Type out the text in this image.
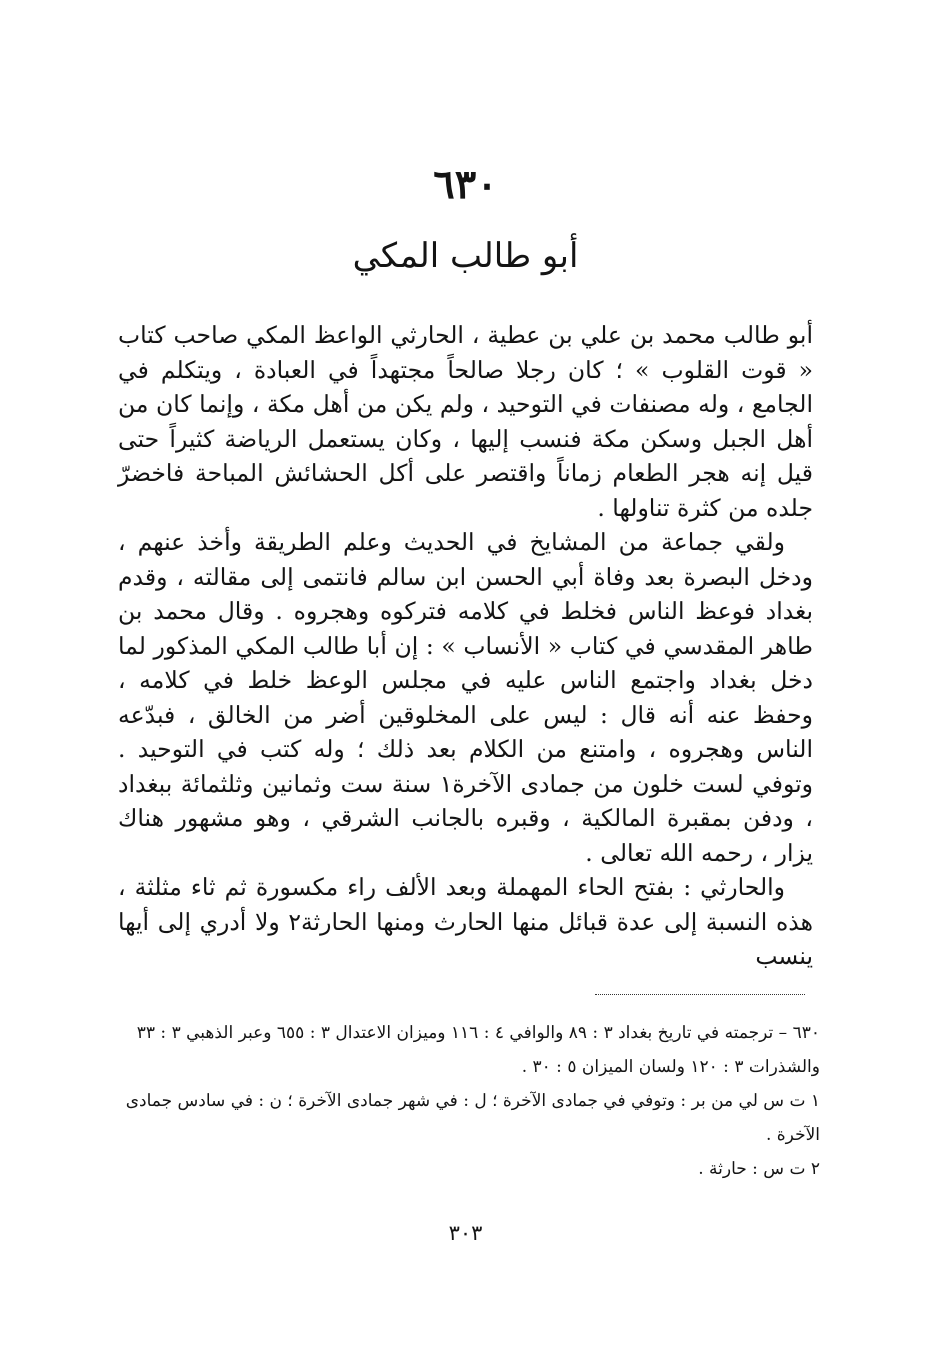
٦٣٠
أبو طالب المكي

أبو طالب محمد بن علي بن عطية ، الحارثي الواعظ المكي صاحب كتاب « قوت القلوب » ؛ كان رجلا صالحاً مجتهداً في العبادة ، ويتكلم في الجامع ، وله مصنفات في التوحيد ، ولم يكن من أهل مكة ، وإنما كان من أهل الجبل وسكن مكة فنسب إليها ، وكان يستعمل الرياضة كثيراً حتى قيل إنه هجر الطعام زماناً واقتصر على أكل الحشائش المباحة فاخضرّ جلده من كثرة تناولها .

ولقي جماعة من المشايخ في الحديث وعلم الطريقة وأخذ عنهم ، ودخل البصرة بعد وفاة أبي الحسن ابن سالم فانتمى إلى مقالته ، وقدم بغداد فوعظ الناس فخلط في كلامه فتركوه وهجروه . وقال محمد بن طاهر المقدسي في كتاب « الأنساب » : إن أبا طالب المكي المذكور لما دخل بغداد واجتمع الناس عليه في مجلس الوعظ خلط في كلامه ، وحفظ عنه أنه قال : ليس على المخلوقين أضر من الخالق ، فبدّعه الناس وهجروه ، وامتنع من الكلام بعد ذلك ؛ وله كتب في التوحيد . وتوفي لست خلون من جمادى الآخرة١ سنة ست وثمانين وثلثمائة ببغداد ، ودفن بمقبرة المالكية ، وقبره بالجانب الشرقي ، وهو مشهور هناك يزار ، رحمه الله تعالى .

والحارثي : بفتح الحاء المهملة وبعد الألف راء مكسورة ثم ثاء مثلثة ، هذه النسبة إلى عدة قبائل منها الحارث ومنها الحارثة٢ ولا أدري إلى أيها ينسب

٦٣٠ – ترجمته في تاريخ بغداد ٣ : ٨٩ والوافي ٤ : ١١٦ وميزان الاعتدال ٣ : ٦٥٥ وعبر الذهبي ٣ : ٣٣ والشذرات ٣ : ١٢٠ ولسان الميزان ٥ : ٣٠ .

١ ت س لي من بر : وتوفي في جمادى الآخرة ؛ ل : في شهر جمادى الآخرة ؛ ن : في سادس جمادى الآخرة .

٢ ت س : حارثة .

٣٠٣
